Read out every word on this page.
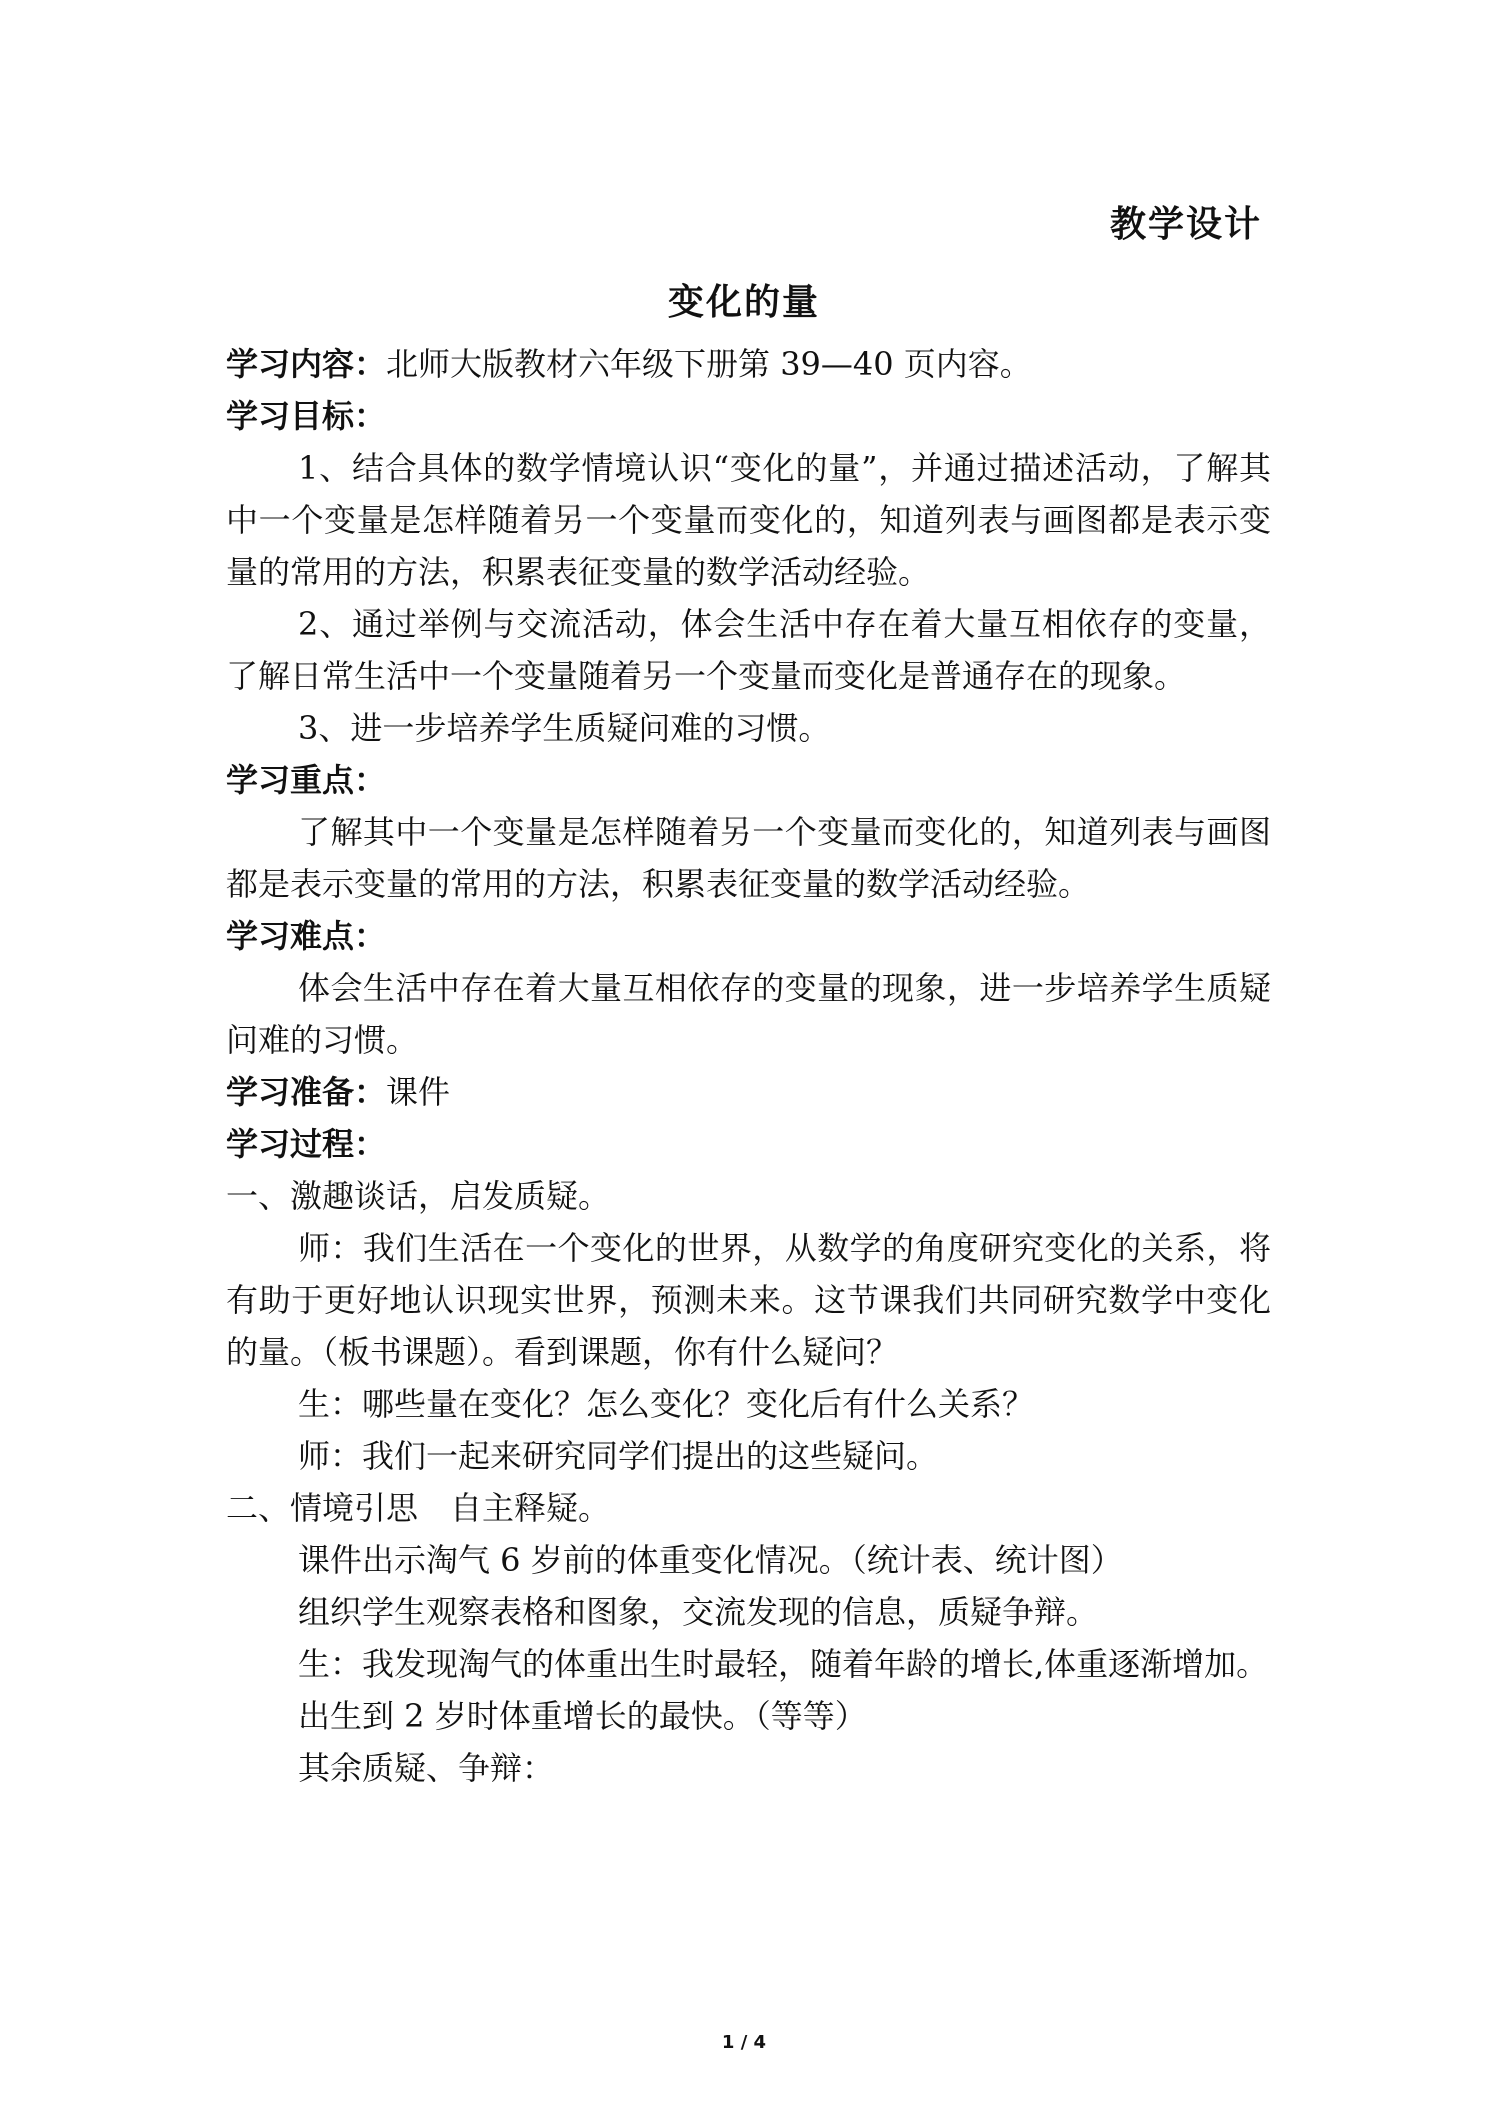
教学设计
变化的量
学习内容：北师大版教材六年级下册第 39—40 页内容。
学习目标：
1、结合具体的数学情境认识“变化的量”，并通过描述活动，了解其中一个变量是怎样随着另一个变量而变化的，知道列表与画图都是表示变量的常用的方法，积累表征变量的数学活动经验。
2、通过举例与交流活动，体会生活中存在着大量互相依存的变量，了解日常生活中一个变量随着另一个变量而变化是普通存在的现象。
3、进一步培养学生质疑问难的习惯。
学习重点：
了解其中一个变量是怎样随着另一个变量而变化的，知道列表与画图都是表示变量的常用的方法，积累表征变量的数学活动经验。
学习难点：
体会生活中存在着大量互相依存的变量的现象，进一步培养学生质疑问难的习惯。
学习准备：课件
学习过程：
一、激趣谈话，启发质疑。
师：我们生活在一个变化的世界，从数学的角度研究变化的关系，将有助于更好地认识现实世界，预测未来。这节课我们共同研究数学中变化的量。（板书课题）。看到课题，你有什么疑问？
生：哪些量在变化？怎么变化？变化后有什么关系？
师：我们一起来研究同学们提出的这些疑问。
二、情境引思　自主释疑。
课件出示淘气 6 岁前的体重变化情况。（统计表、统计图）
组织学生观察表格和图象，交流发现的信息，质疑争辩。
生：我发现淘气的体重出生时最轻，随着年龄的增长,体重逐渐增加。
出生到 2 岁时体重增长的最快。（等等）
其余质疑、争辩：
1 / 4
